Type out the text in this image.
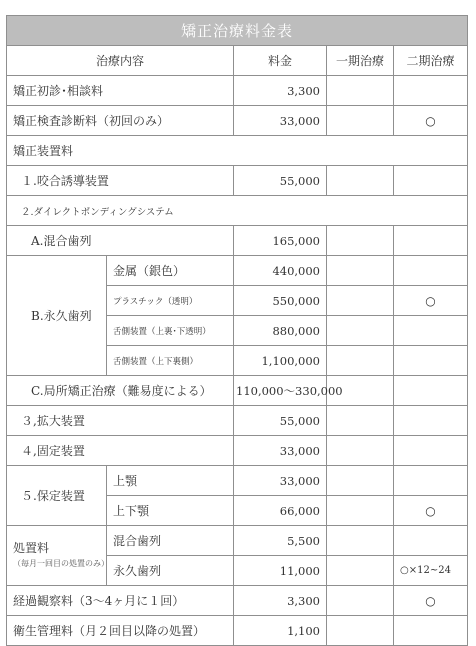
矯正治療料金表				
治療内容		料金	一期治療	二期治療
矯正初診･相談料		3,300		
矯正検査診断料（初回のみ）		33,000		○
矯正装置料				
１.咬合誘導装置		55,000		
２.ダイレクトボンディングシステム				
A.混合歯列		165,000		
B.永久歯列	金属（銀色）	440,000		
	プラスチック（透明）	550,000		○
	舌側装置（上裏･下透明）	880,000		
	舌側装置（上下裏側）	1,100,000		
C.局所矯正治療（難易度による）		110,000～330,000		
３,拡大装置		55,000		
４,固定装置		33,000		
５.保定装置	上顎	33,000		
	上下顎	66,000		○
処置料
（毎月一回目の処置のみ）	混合歯列	5,500		
	永久歯列	11,000		○×12~24
経過観察料（3～4ヶ月に１回）		3,300		○
衛生管理料（月２回目以降の処置）		1,100		
